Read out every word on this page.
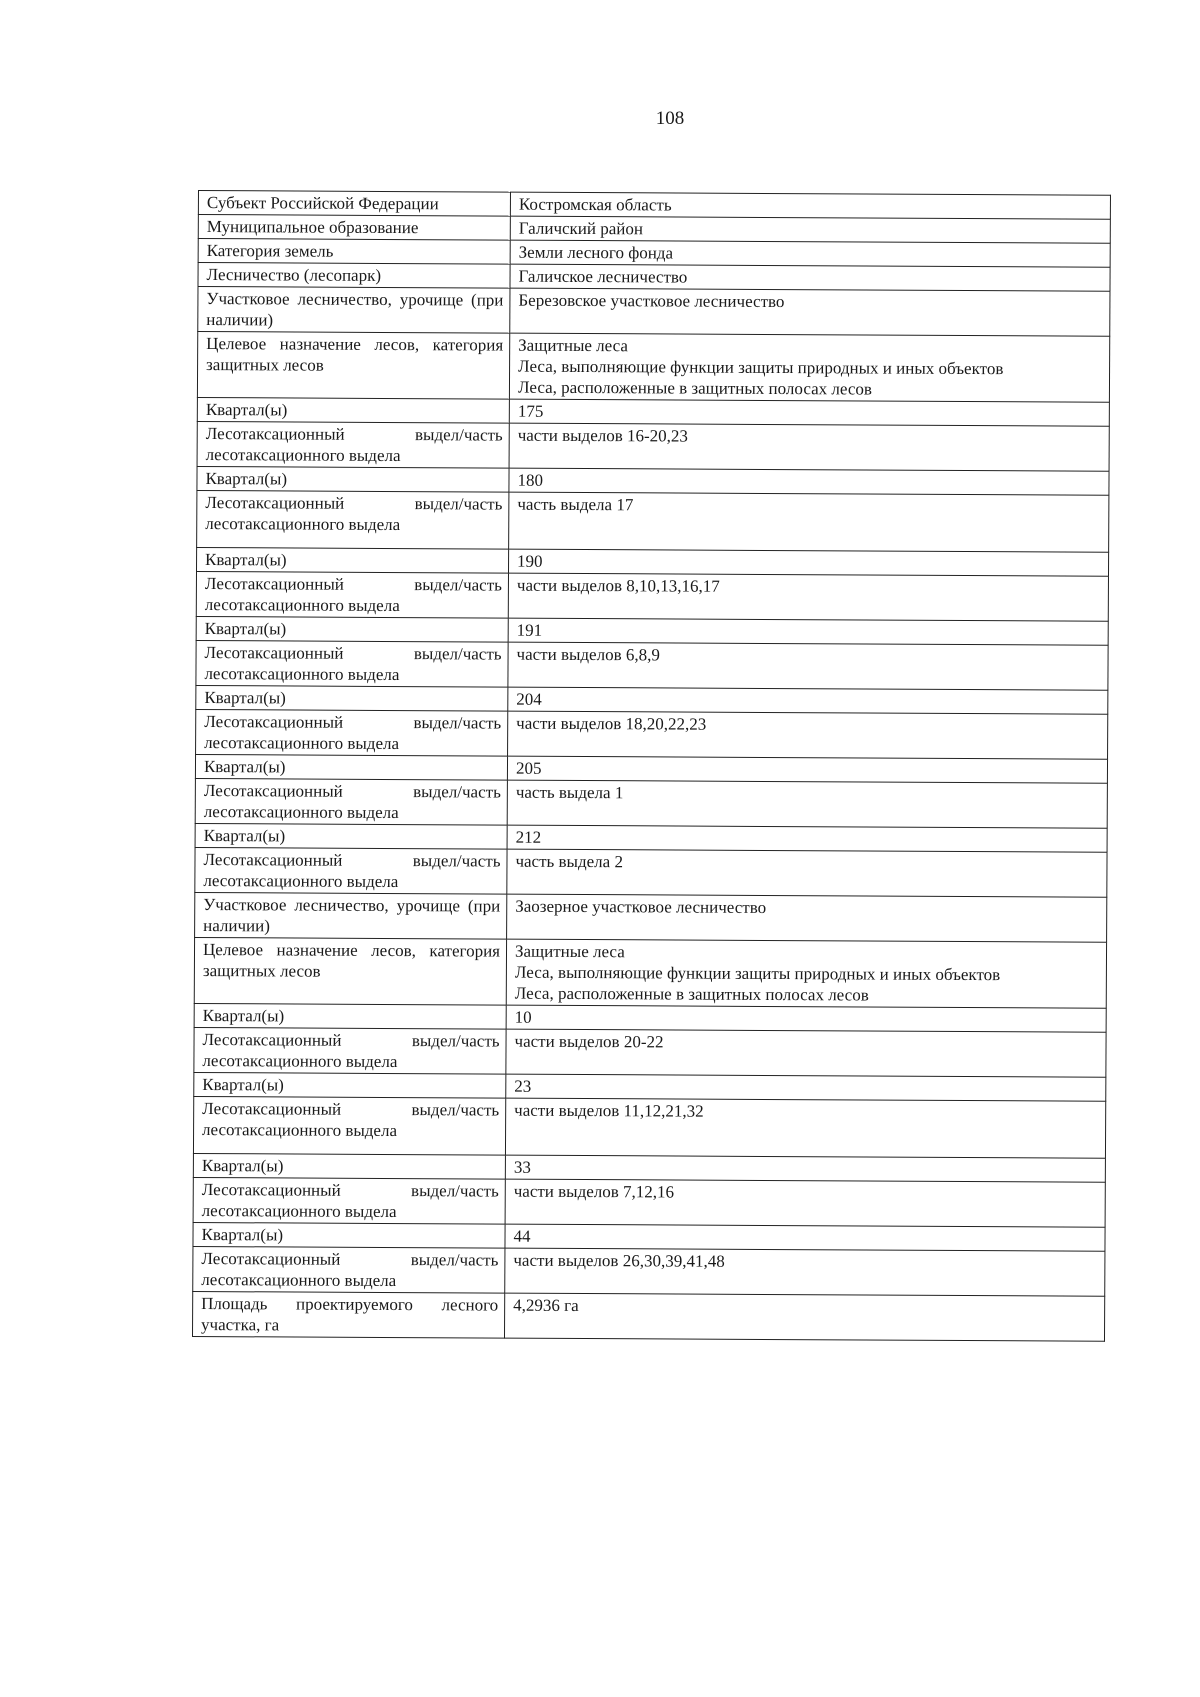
108
Субъект Российской Федерации	Костромская область

Муниципальное образование	Галичский район

Категория земель	Земли лесного фонда

Лесничество (лесопарк)	Галичское лесничество

Участковое лесничество, урочище (при наличии)	Березовское участковое лесничество

Целевое назначение лесов, категория защитных лесов	Защитные леса
Леса, выполняющие функции защиты природных и иных объектов
Леса, расположенные в защитных полосах лесов

Квартал(ы)	175

Лесотаксационный выдел/часть лесотаксационного выдела	части выделов 16-20,23

Квартал(ы)	180

Лесотаксационный выдел/часть лесотаксационного выдела	часть выдела 17

Квартал(ы)	190

Лесотаксационный выдел/часть лесотаксационного выдела	части выделов 8,10,13,16,17

Квартал(ы)	191

Лесотаксационный выдел/часть лесотаксационного выдела	части выделов 6,8,9

Квартал(ы)	204

Лесотаксационный выдел/часть лесотаксационного выдела	части выделов 18,20,22,23

Квартал(ы)	205

Лесотаксационный выдел/часть лесотаксационного выдела	часть выдела 1

Квартал(ы)	212

Лесотаксационный выдел/часть лесотаксационного выдела	часть выдела 2

Участковое лесничество, урочище (при наличии)	Заозерное участковое лесничество

Целевое назначение лесов, категория защитных лесов	Защитные леса
Леса, выполняющие функции защиты природных и иных объектов
Леса, расположенные в защитных полосах лесов

Квартал(ы)	10

Лесотаксационный выдел/часть лесотаксационного выдела	части выделов 20-22

Квартал(ы)	23

Лесотаксационный выдел/часть лесотаксационного выдела	части выделов 11,12,21,32

Квартал(ы)	33

Лесотаксационный выдел/часть лесотаксационного выдела	части выделов 7,12,16

Квартал(ы)	44

Лесотаксационный выдел/часть лесотаксационного выдела	части выделов 26,30,39,41,48

Площадь проектируемого лесного участка, га	4,2936 га
